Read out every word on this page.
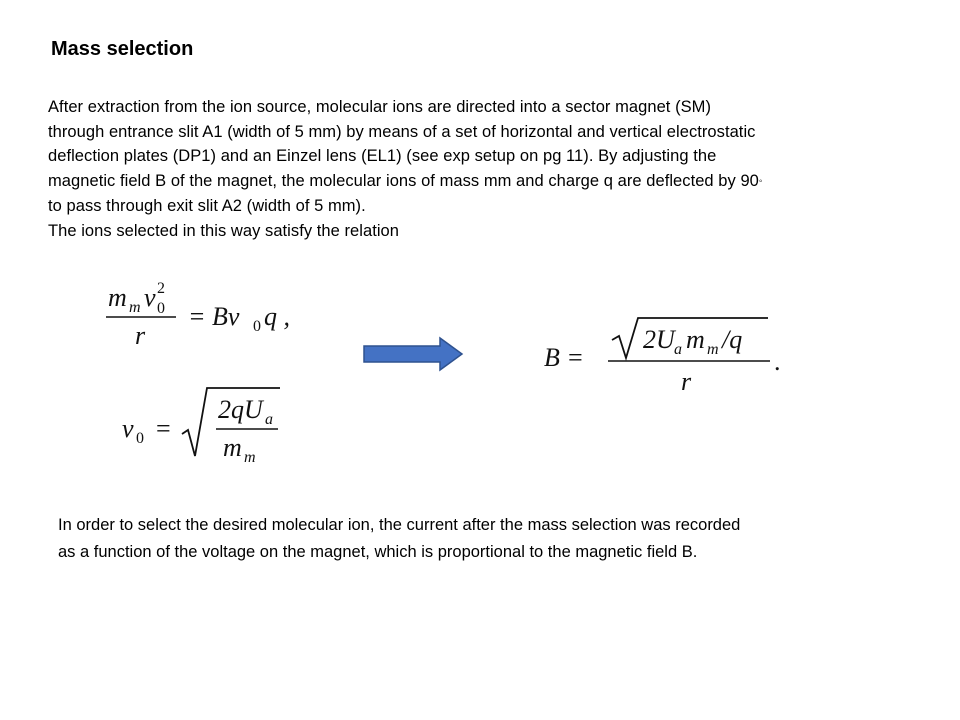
Mass selection
After extraction from the ion source, molecular ions are directed into a sector magnet (SM)
through entrance slit A1 (width of 5 mm) by means of a set of horizontal and vertical electrostatic
deflection plates (DP1) and an Einzel lens (EL1) (see exp setup on pg 11). By adjusting the
magnetic field B of the magnet, the molecular ions of mass mm and charge q are deflected by 90◦
to pass through exit slit A2 (width of 5 mm).
The ions selected in this way satisfy the relation
m m v 2
0
r
= Bv 0 q ,
v 0 =
2qU a
m m
B =
2U a m m /q
r
.
In order to select the desired molecular ion, the current after the mass selection was recorded
as a function of the voltage on the magnet, which is proportional to the magnetic field B.
